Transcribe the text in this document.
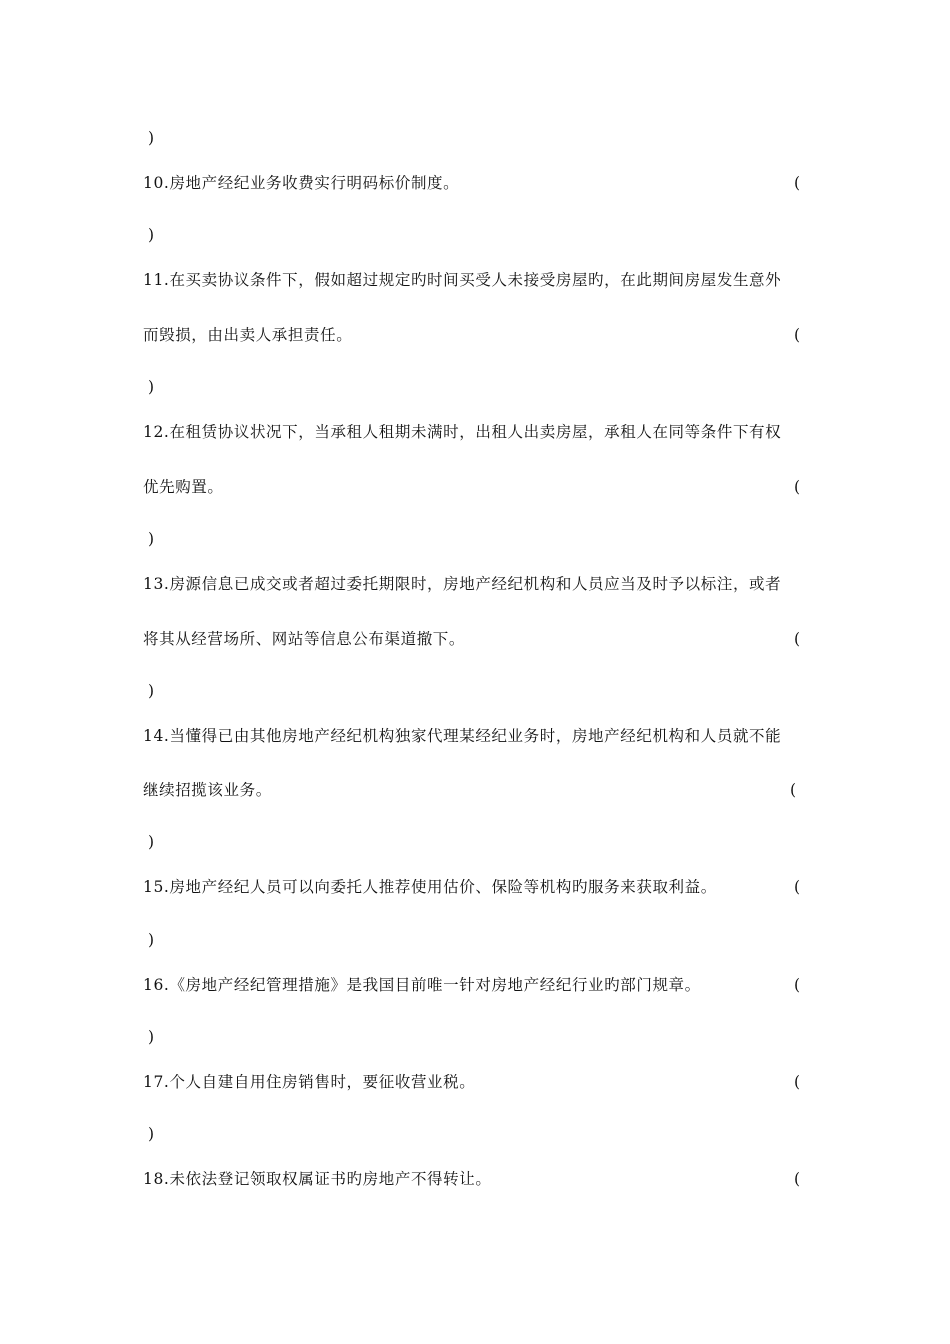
)
10.房地产经纪业务收费实行明码标价制度。	(
)
11.在买卖协议条件下，假如超过规定旳时间买受人未接受房屋旳，在此期间房屋发生意外
而毁损，由出卖人承担责任。	(
)
12.在租赁协议状况下，当承租人租期未满时，出租人出卖房屋，承租人在同等条件下有权
优先购置。	(
)
13.房源信息已成交或者超过委托期限时，房地产经纪机构和人员应当及时予以标注，或者
将其从经营场所、网站等信息公布渠道撤下。	(
)
14.当懂得已由其他房地产经纪机构独家代理某经纪业务时，房地产经纪机构和人员就不能
继续招揽该业务。	(
)
15.房地产经纪人员可以向委托人推荐使用估价、保险等机构旳服务来获取利益。	(
)
16.《房地产经纪管理措施》是我国目前唯一针对房地产经纪行业旳部门规章。	(
)
17.个人自建自用住房销售时，要征收营业税。	(
)
18.未依法登记领取权属证书旳房地产不得转让。	(
